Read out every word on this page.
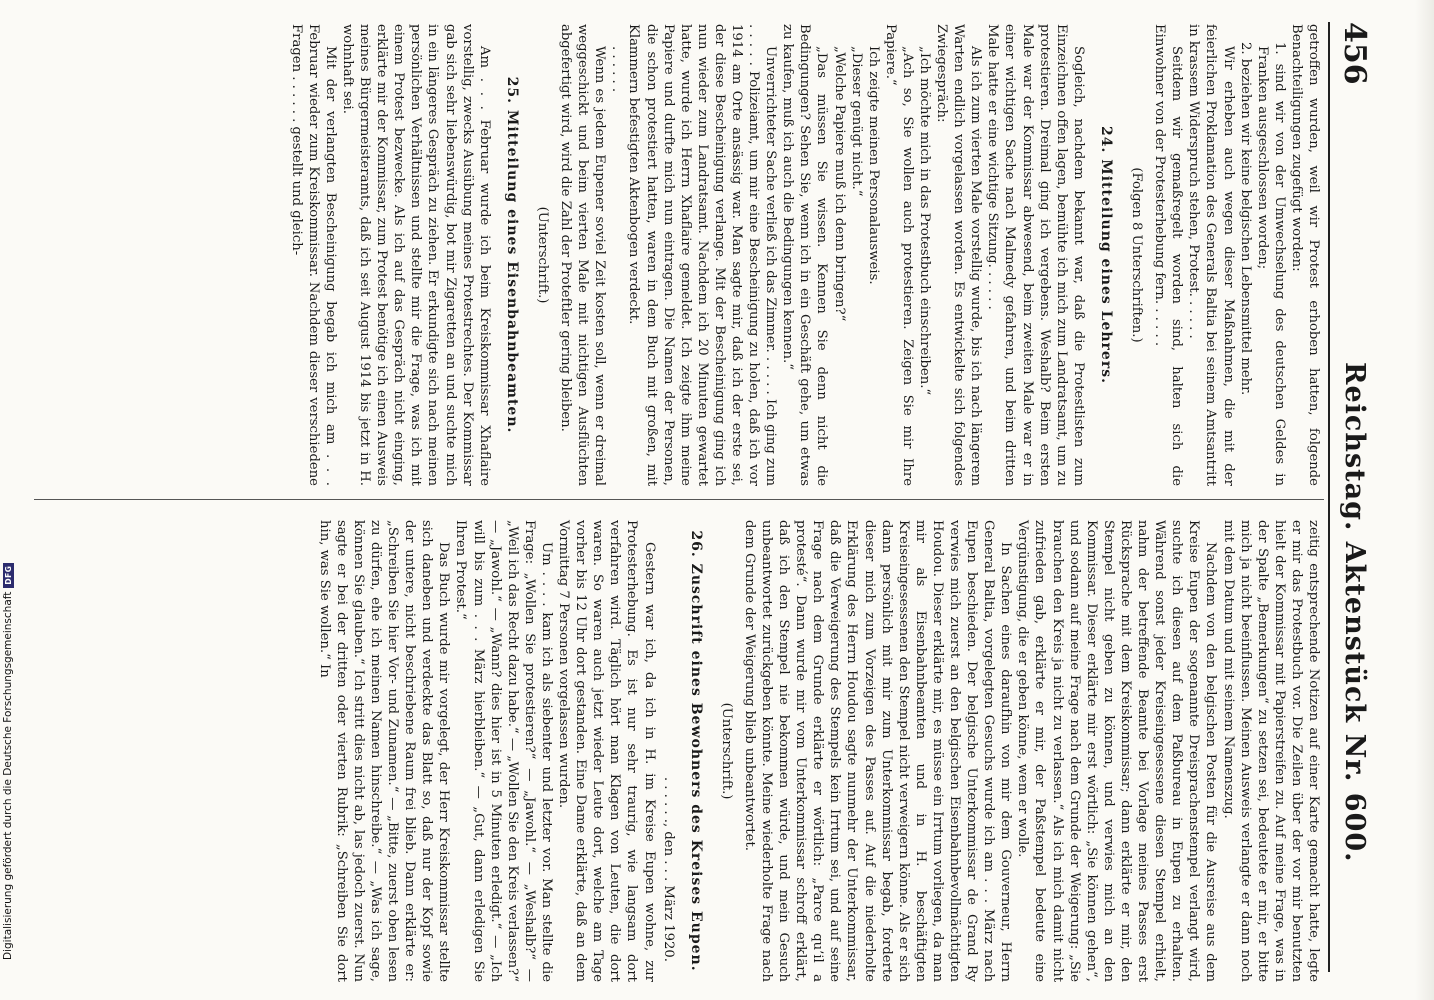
456
Reichstag. Aktenstück Nr. 600.

getroffen wurden, weil wir Protest erhoben hatten, folgende Benachteiligungen zugefügt worden:

1. sind wir von der Umwechselung des deutschen Geldes in Franken ausgeschlossen worden;

2. beziehen wir keine belgischen Lebensmittel mehr.

Wir erheben auch wegen dieser Maßnahmen, die mit der feierlichen Proklamation des Generals Baltia bei seinem Amtsantritt in krassem Widerspruch stehen, Protest. . . . . .

Seitdem wir gemaßregelt worden sind, halten sich die Einwohner von der Protesterhebung fern. . . . . .

(Folgen 8 Unterschriften.)
24. Mitteilung eines Lehrers.

Sogleich, nachdem bekannt war, daß die Protestlisten zum Einzeichnen offen lagen, bemühte ich mich zum Landratsamt, um zu protestieren. Dreimal ging ich vergebens. Weshalb? Beim ersten Male war der Kommissar abwesend, beim zweiten Male war er in einer wichtigen Sache nach Malmedy gefahren, und beim dritten Male hatte er eine wichtige Sitzung. . . . . .

Als ich zum vierten Male vorstellig wurde, bis ich nach längerem Warten endlich vorgelassen worden. Es entwickelte sich folgendes Zwiegespräch:

„Ich möchte mich in das Protestbuch einschreiben.“

„Ach so, Sie wollen auch protestieren. Zeigen Sie mir Ihre Papiere.“

Ich zeigte meinen Personalausweis.

„Dieser genügt nicht.“

„Welche Papiere muß ich denn bringen?“

„Das müssen Sie wissen. Kennen Sie denn nicht die Bedingungen? Sehen Sie, wenn ich in ein Geschäft gehe, um etwas zu kaufen, muß ich auch die Bedingungen kennen.“

Unverrichteter Sache verließ ich das Zimmer. . . . . . Ich ging zum . . . . . Polizeiamt, um mir eine Bescheinigung zu holen, daß ich vor 1914 am Orte ansässig war. Man sagte mir, daß ich der erste sei, der diese Bescheinigung verlange. Mit der Bescheinigung ging ich nun wieder zum Landratsamt. Nachdem ich 20 Minuten gewartet hatte, wurde ich Herrn Xhaflaire gemeldet. Ich zeigte ihm meine Papiere und durfte mich nun eintragen. Die Namen der Personen, die schon protestiert hatten, waren in dem Buch mit großen, mit Klammern befestigten Aktenbogen verdeckt.

. . . . . .

Wenn es jedem Eupener soviel Zeit kosten soll, wenn er dreimal weggeschickt und beim vierten Male mit nichtigen Ausflüchten abgefertigt wird, wird die Zahl der Proteftler gering bleiben.

(Unterschrift.)
25. Mitteilung eines Eisenbahnbeamten.

Am . . . Februar wurde ich beim Kreiskommissar Xhaflaire vorstellig, zwecks Ausübung meines Protestrechtes. Der Kommissar gab sich sehr liebenswürdig, bot mir Zigaretten an und suchte mich in ein längeres Gespräch zu ziehen. Er erkundigte sich nach meinen persönlichen Verhältnissen und stellte mir die Frage, was ich mit einem Protest bezwecke. Als ich auf das Gespräch nicht einging, erklärte mir der Kommissar, zum Protest benötige ich einen Ausweis meines Bürgermeisteramts, daß ich seit August 1914 bis jetzt in H. wohnhaft sei.

Mit der verlangten Bescheinigung begab ich mich am . . . Februar wieder zum Kreiskommissar. Nachdem dieser verschiedene Fragen . . . . . . gestellt und gleich-

zeitig entsprechende Notizen auf einer Karte gemacht hatte, legte er mir das Protestbuch vor. Die Zeilen über der vor mir benutzten hielt der Kommissar mit Papierstreifen zu. Auf meine Frage, was in der Spalte „Bemerkungen“ zu setzen sei, bedeutete er mir, er bitte mich ja nicht beeinflussen. Meinen Ausweis verlangte er dann noch mit dem Datum und mit seinem Namenszug.

Nachdem von den belgischen Posten für die Ausreise aus dem Kreise Eupen der sogenannte Dreisprachenstempel verlangt wird, suchte ich diesen auf dem Paßbureau in Eupen zu erhalten. Während sonst jeder Kreiseingesessene diesen Stempel erhielt, nahm der betreffende Beamte bei Vorlage meines Passes erst Rücksprache mit dem Kreiskommissar; dann erklärte er mir, den Stempel nicht geben zu können, und verwies mich an den Kommissar. Dieser erklärte mir erst wörtlich: „Sie können gehen“, und sodann auf meine Frage nach dem Grunde der Weigerung: „Sie brauchen den Kreis ja nicht zu verlassen.“ Als ich mich damit nicht zufrieden gab, erklärte er mir, der Paßstempel bedeute eine Vergünstigung, die er geben könne, wem er wolle.

In Sachen eines daraufhin von mir dem Gouverneur, Herrn General Baltia, vorgelegten Gesuchs wurde ich am . . . März nach Eupen beschieden. Der belgische Unterkommissar de Grand Ry verwies mich zuerst an den belgischen Eisenbahnbevollmächtigten Houdou. Dieser erklärte mir, es müsse ein Irrtum vorliegen, da man mir als Eisenbahnbeamten und in H. beschäftigten Kreiseingesessenen den Stempel nicht verweigern könne. Als er sich dann persönlich mit mir zum Unterkommissar begab, forderte dieser mich zum Vorzeigen des Passes auf. Auf die niederholte Erklärung des Herrn Houdou sagte nunmehr der Unterkommissar, daß die Verweigerung des Stempels kein Irrtum sei, und auf seine Frage nach dem Grunde erklärte er wörtlich: „Parce qu’il a protesté“. Dann wurde mir vom Unterkommissar schroff erklärt, daß ich den Stempel nie bekommen würde, und mein Gesuch unbeantwortet zurückgeben könnte. Meine wiederholte Frage nach dem Grunde der Weigerung blieb unbeantwortet.

(Unterschrift.)
26. Zuschrift eines Bewohners des Kreises Eupen.
. . . . . ., den . . . März 1920.

Gestern war ich, da ich in H. im Kreise Eupen wohne, zur Protesterhebung. Es ist nur sehr traurig, wie langsam dort verfahren wird. Täglich hört man Klagen von Leuten, die dort waren. So waren auch jetzt wieder Leute dort, welche am Tage vorher bis 12 Uhr dort gestanden. Eine Dame erklärte, daß an dem Vormittag 7 Personen vorgelassen wurden.

Um . . . . kam ich als siebenter und letzter vor. Man stellte die Frage: „Wollen Sie protestieren?“ — „Jawohl.“ — „Weshalb?“ — „Weil ich das Recht dazu habe.“ — „Wollen Sie den Kreis verlassen?“ — „Jawohl.“ — „Wann? dies hier ist in 5 Minuten erledigt.“ — „Ich will bis zum . . . März hierbleiben.“ — „Gut, dann erledigen Sie Ihren Protest.“

Das Buch wurde mir vorgelegt, der Herr Kreiskommissar stellte sich daneben und verdeckte das Blatt so, daß nur der Kopf sowie der untere, nicht beschriebene Raum frei blieb. Dann erklärte er: „Schreiben Sie hier Vor- und Zunamen.“ — „Bitte, zuerst oben lesen zu dürfen, ehe ich meinen Namen hinschreibe.“ — „Was ich sage, können Sie glauben.“ Ich stritt dies nicht ab, las jedoch zuerst. Nun sagte er bei der dritten oder vierten Rubrik: „Schreiben Sie dort hin, was Sie wollen.“ In

Digitalisierung gefördert durch die Deutsche Forschungsgemeinschaft
DFG
